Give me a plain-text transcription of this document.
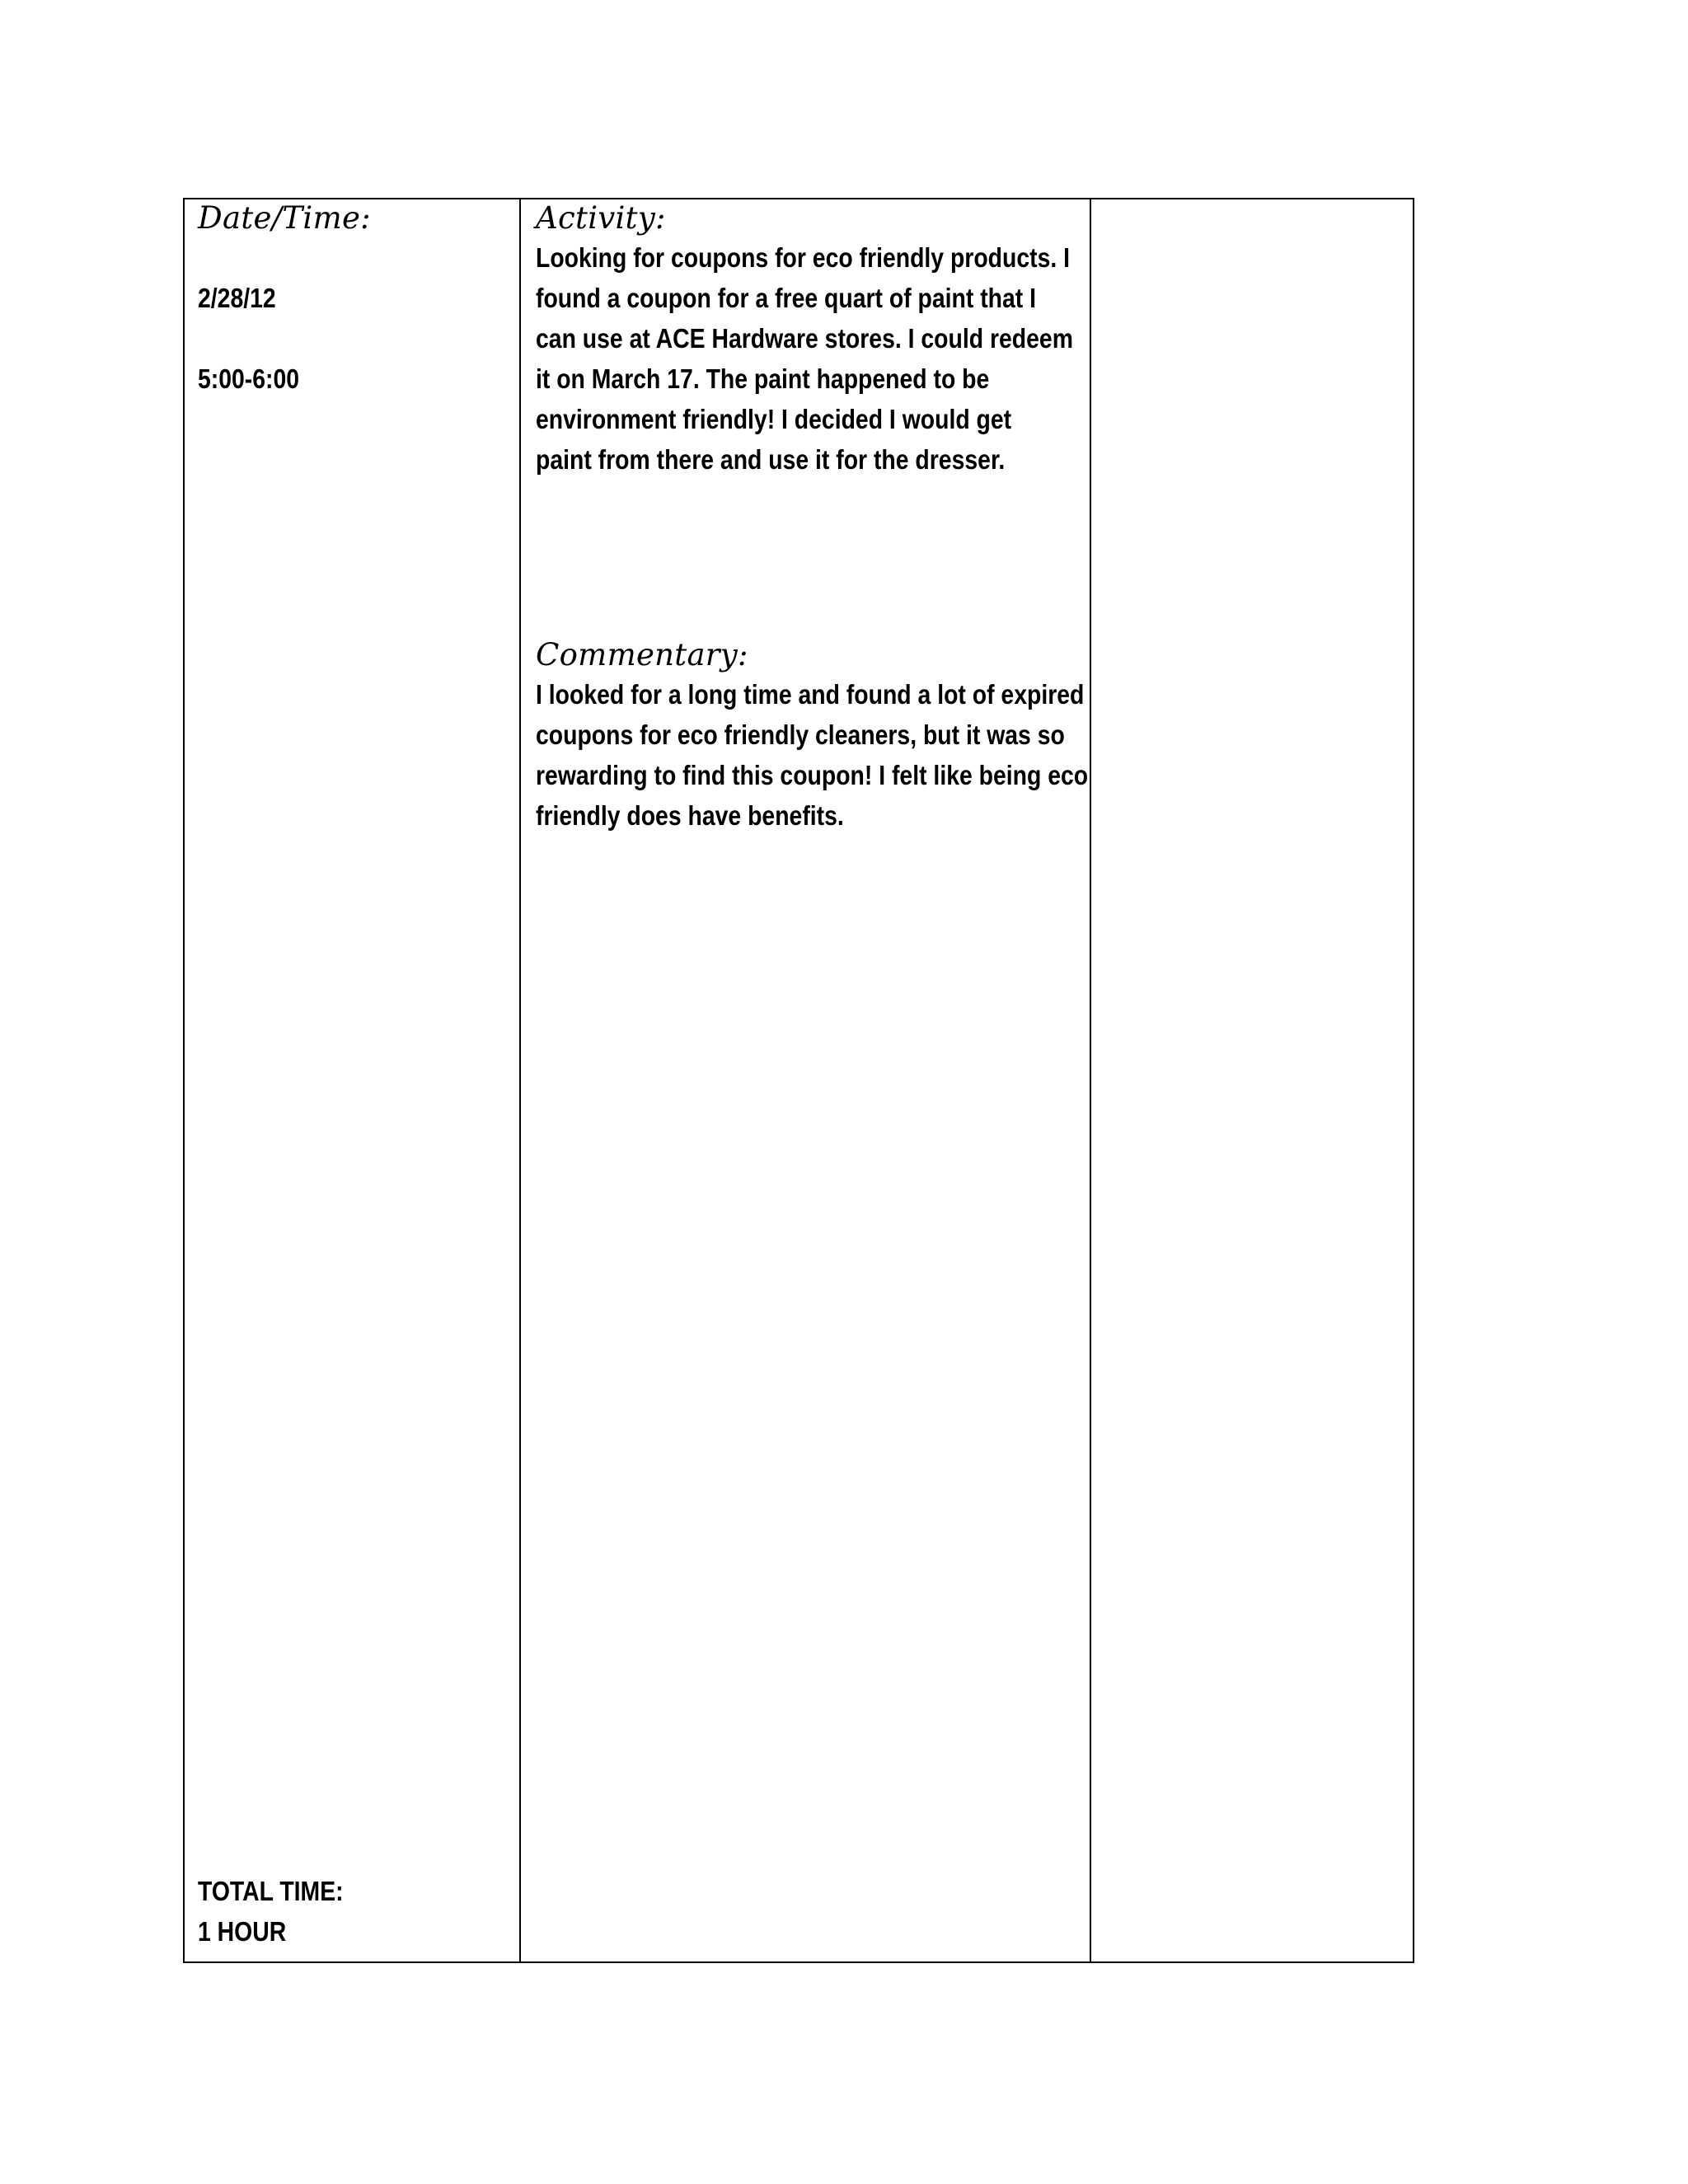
Date/Time:
2/28/12
5:00-6:00
TOTAL TIME:
1 HOUR
Activity:
Looking for coupons for eco friendly products. I found a coupon for a free quart of paint that I can use at ACE Hardware stores. I could redeem it on March 17. The paint happened to be environment friendly! I decided I would get paint from there and use it for the dresser.
Commentary:
I looked for a long time and found a lot of expired coupons for eco friendly cleaners, but it was so rewarding to find this coupon! I felt like being eco friendly does have benefits.
